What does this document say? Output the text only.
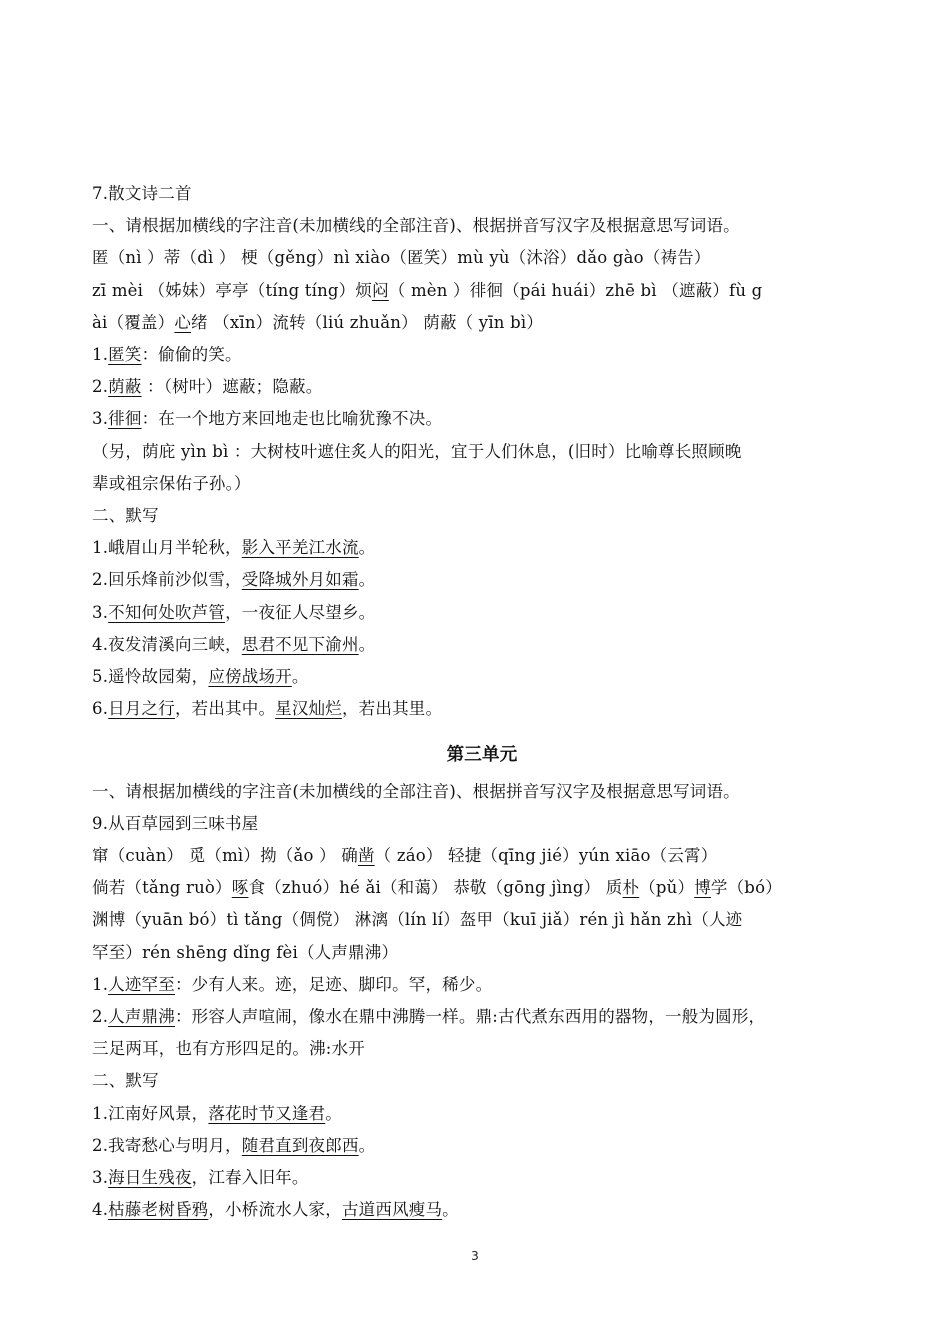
7.散文诗二首
一、请根据加横线的字注音(未加横线的全部注音)、根据拼音写汉字及根据意思写词语。
匿（nì ）蒂（dì ） 梗（gěng）nì xiào（匿笑）mù yù（沐浴）dǎo gào（祷告）
zī mèi （姊妹）亭亭（tíng tíng）烦闷（ mèn ）徘徊（pái huái）zhē bì （遮蔽）fù g
ài（覆盖）心绪 （xīn）流转（liú zhuǎn） 荫蔽（ yīn bì）
1.匿笑：偷偷的笑。
2.荫蔽 ：（树叶）遮蔽；隐蔽。
3.徘徊：在一个地方来回地走也比喻犹豫不决。
（另，荫庇 yìn bì ：大树枝叶遮住炙人的阳光，宜于人们休息，(旧时）比喻尊长照顾晚
辈或祖宗保佑子孙。）
二、默写
1.峨眉山月半轮秋，影入平羌江水流。
2.回乐烽前沙似雪，受降城外月如霜。
3.不知何处吹芦管，一夜征人尽望乡。
4.夜发清溪向三峡，思君不见下渝州。
5.遥怜故园菊，应傍战场开。
6.日月之行，若出其中。星汉灿烂，若出其里。
第三单元
一、请根据加横线的字注音(未加横线的全部注音)、根据拼音写汉字及根据意思写词语。
9.从百草园到三味书屋
窜（cuàn） 觅（mì）拗（ǎo ） 确凿（ záo） 轻捷（qīng jié）yún xiāo（云霄）
倘若（tǎng ruò）啄食（zhuó）hé ǎi（和蔼） 恭敬（gōng jìng） 质朴（pǔ）博学（bó）
渊博（yuān bó）tì tǎng（倜傥） 淋漓（lín lí）盔甲（kuī jiǎ）rén jì hǎn zhì（人迹
罕至）rén shēng dǐng fèi（人声鼎沸）
1.人迹罕至：少有人来。迹，足迹、脚印。罕，稀少。
2.人声鼎沸：形容人声喧闹，像水在鼎中沸腾一样。鼎:古代煮东西用的器物，一般为圆形，
三足两耳，也有方形四足的。沸:水开
二、默写
1.江南好风景，落花时节又逢君。
2.我寄愁心与明月，随君直到夜郎西。
3.海日生残夜，江春入旧年。
4.枯藤老树昏鸦，小桥流水人家，古道西风瘦马。
3
